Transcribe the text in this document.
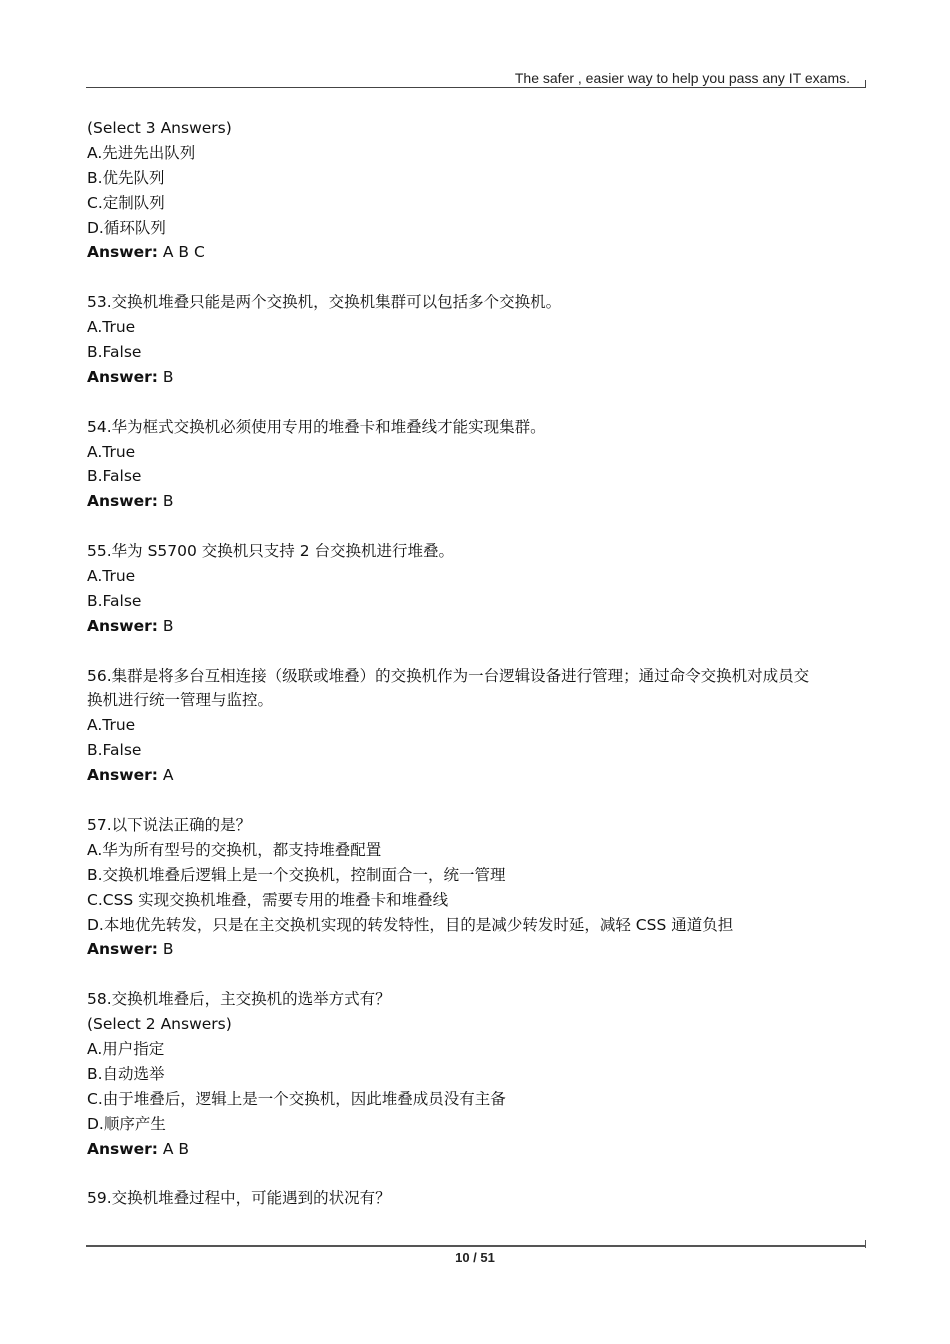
The safer , easier way to help you pass any IT exams.
(Select 3 Answers)
A.先进先出队列
B.优先队列
C.定制队列
D.循环队列
Answer: A B C
53.交换机堆叠只能是两个交换机，交换机集群可以包括多个交换机。
A.True
B.False
Answer: B
54.华为框式交换机必须使用专用的堆叠卡和堆叠线才能实现集群。
A.True
B.False
Answer: B
55.华为 S5700 交换机只支持 2 台交换机进行堆叠。
A.True
B.False
Answer: B
56.集群是将多台互相连接（级联或堆叠）的交换机作为一台逻辑设备进行管理；通过命令交换机对成员交
换机进行统一管理与监控。
A.True
B.False
Answer: A
57.以下说法正确的是？
A.华为所有型号的交换机，都支持堆叠配置
B.交换机堆叠后逻辑上是一个交换机，控制面合一，统一管理
C.CSS 实现交换机堆叠，需要专用的堆叠卡和堆叠线
D.本地优先转发，只是在主交换机实现的转发特性，目的是减少转发时延，减轻 CSS 通道负担
Answer: B
58.交换机堆叠后，主交换机的选举方式有？
(Select 2 Answers)
A.用户指定
B.自动选举
C.由于堆叠后，逻辑上是一个交换机，因此堆叠成员没有主备
D.顺序产生
Answer: A B
59.交换机堆叠过程中，可能遇到的状况有？
10 / 51
